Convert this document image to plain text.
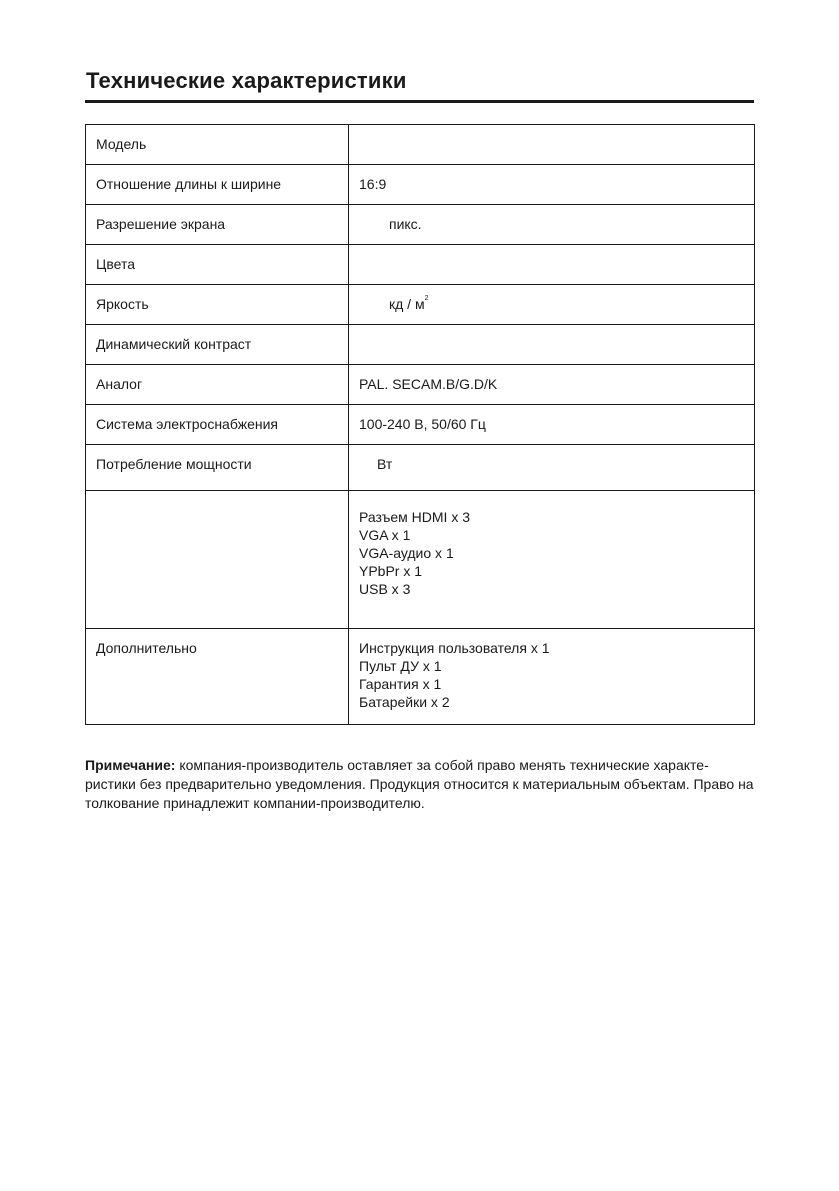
Технические характеристики
Модель	
Отношение длины к ширине	16:9
Разрешение экрана	пикс.
Цвета	
Яркость	кд / $м^2$
Динамический контраст	
Аналог	PAL. SECAM.B/G.D/K
Система электроснабжения	100-240 В, 50/60 Гц
Потребление мощности	Вт

	Разъем HDMI x 3
VGA x 1
VGA-аудио x 1
YPbPr x 1
USB x 3

Дополнительно	Инструкция пользователя x 1
Пульт ДУ x 1
Гарантия x 1
Батарейки x 2
Примечание: компания-производитель оставляет за собой право менять технические характе-ристики без предварительно уведомления. Продукция относится к материальным объектам. Право на толкование принадлежит компании-производителю.
